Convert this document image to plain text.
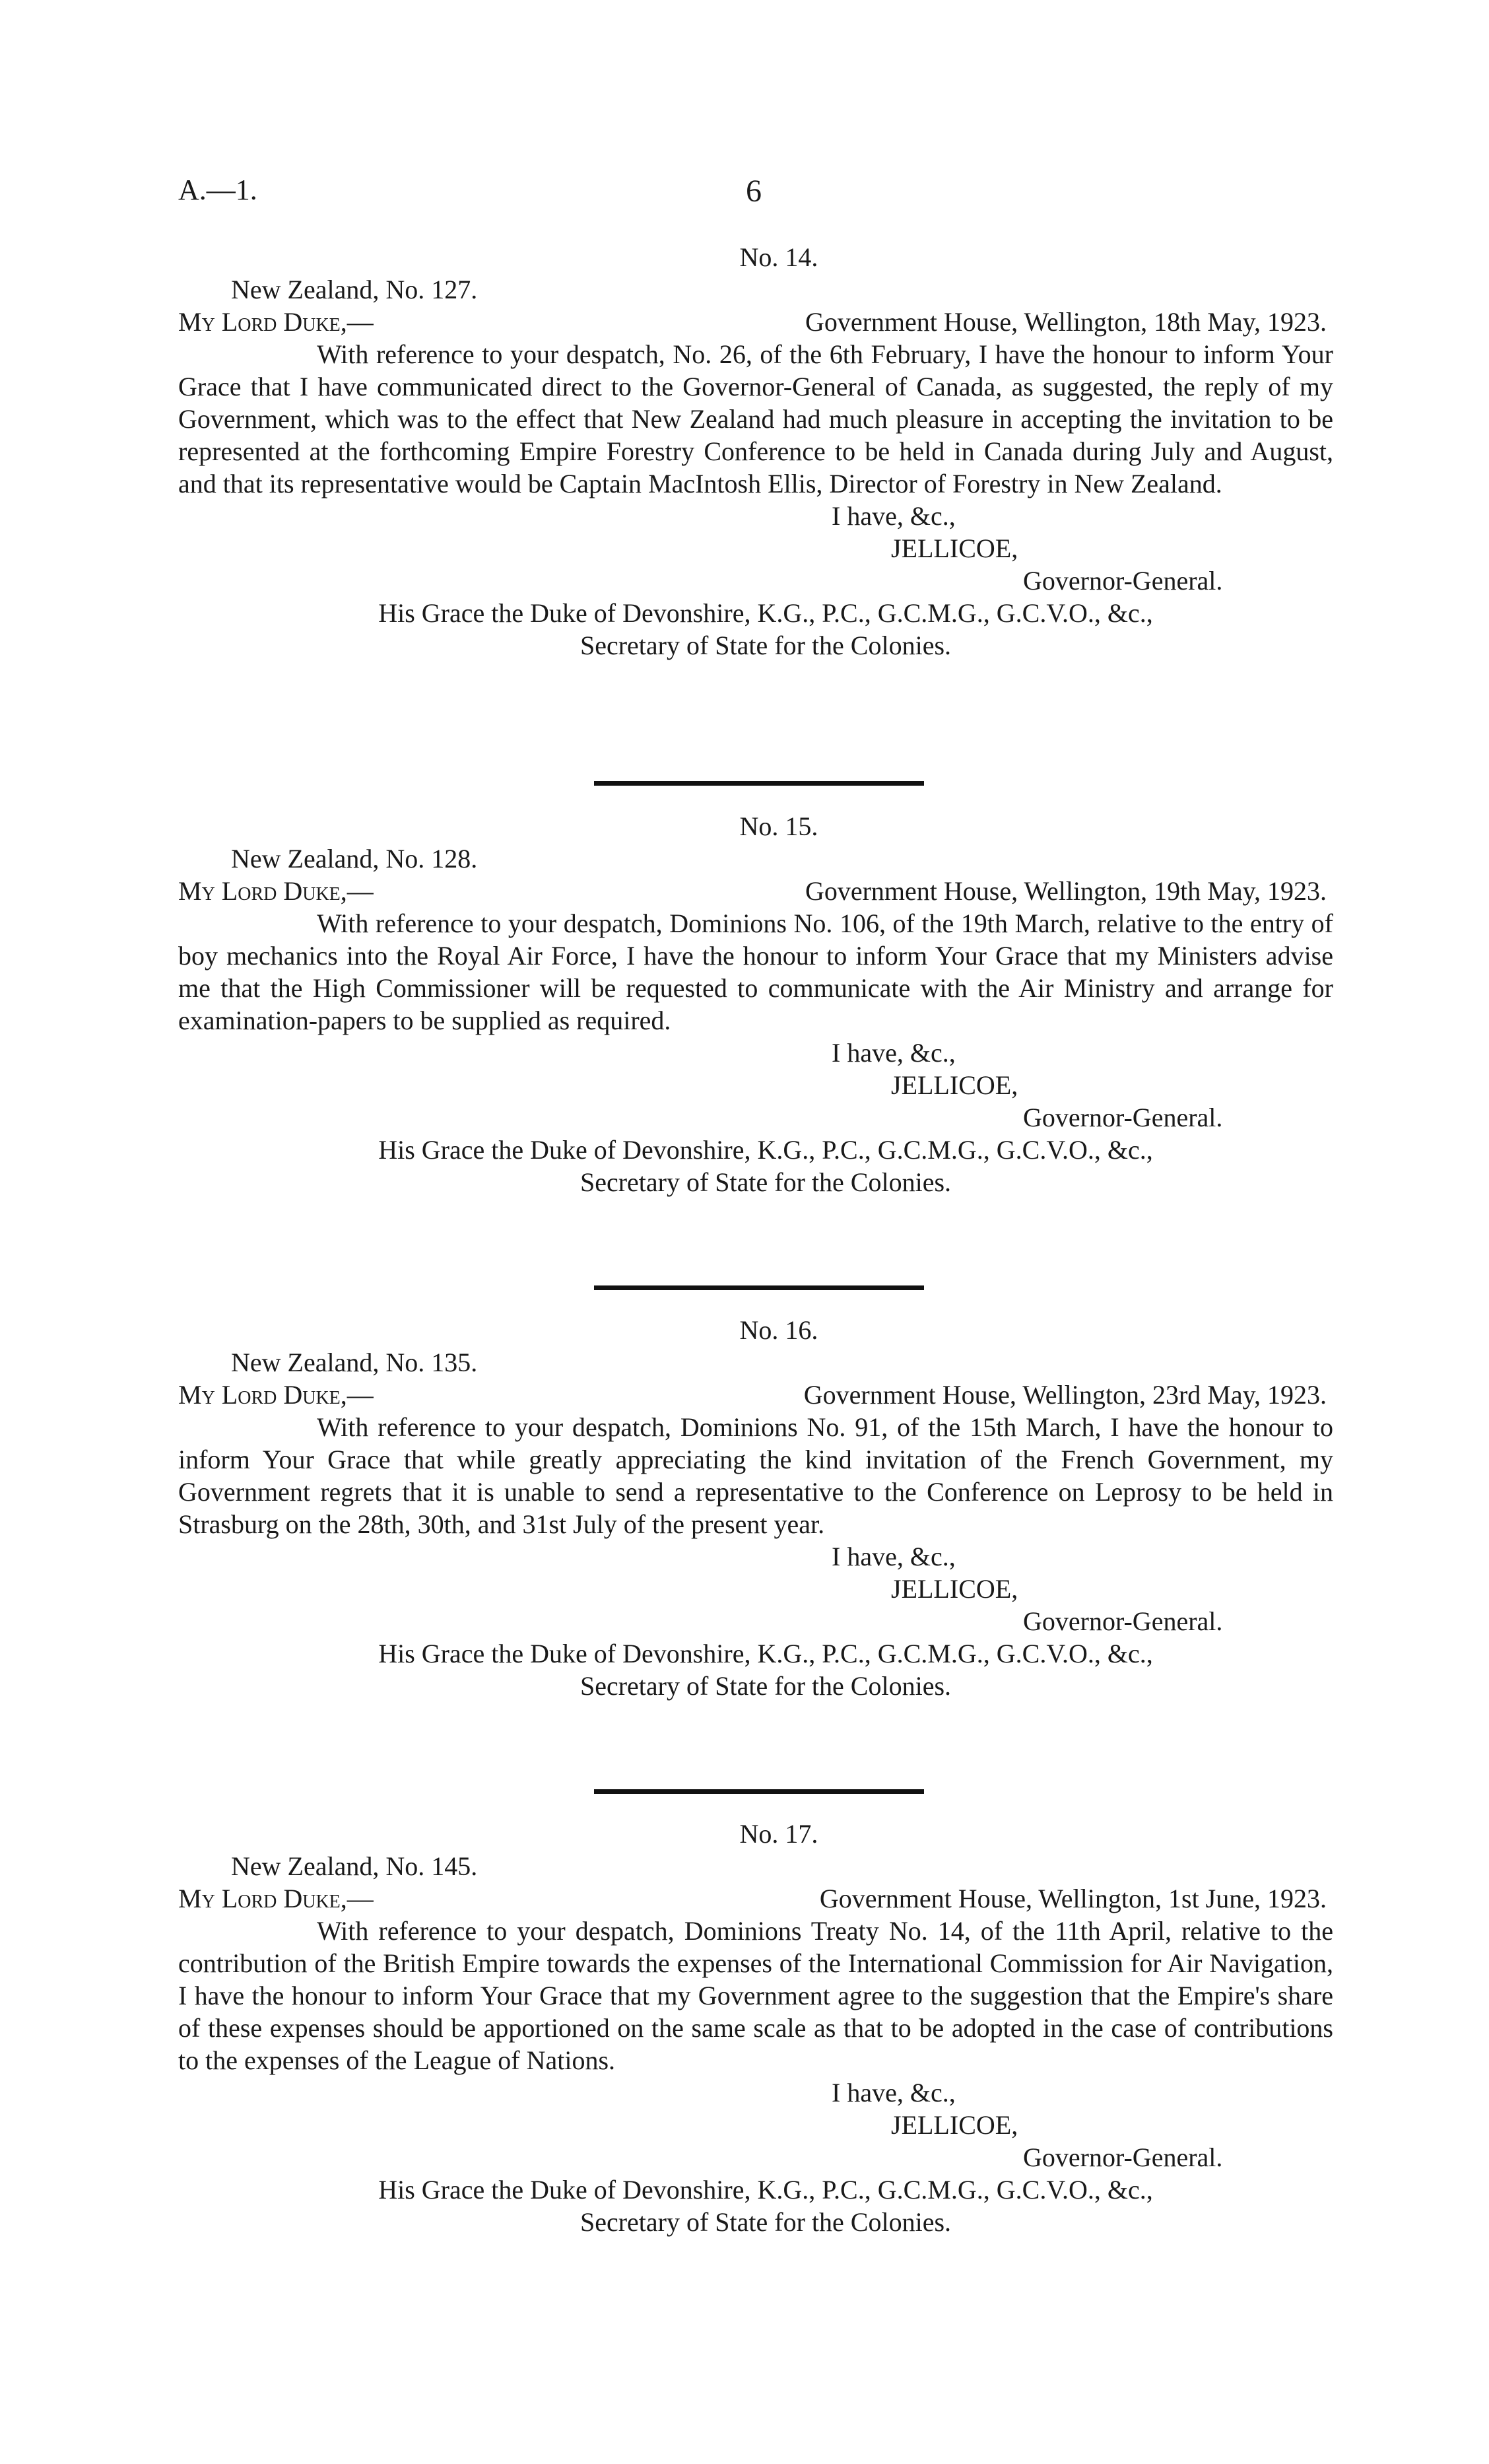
A.—1.	6
No. 14.
New Zealand, No. 127.
My Lord Duke,—	Government House, Wellington, 18th May, 1923.

With reference to your despatch, No. 26, of the 6th February, I have the honour to inform Your Grace that I have communicated direct to the Governor-General of Canada, as suggested, the reply of my Government, which was to the effect that New Zealand had much pleasure in accepting the invitation to be represented at the forthcoming Empire Forestry Conference to be held in Canada during July and August, and that its representative would be Captain MacIntosh Ellis, Director of Forestry in New Zealand.

I have, &c.,
JELLICOE,
Governor-General.
His Grace the Duke of Devonshire, K.G., P.C., G.C.M.G., G.C.V.O., &c.,
Secretary of State for the Colonies.
No. 15.
New Zealand, No. 128.
My Lord Duke,—	Government House, Wellington, 19th May, 1923.

With reference to your despatch, Dominions No. 106, of the 19th March, relative to the entry of boy mechanics into the Royal Air Force, I have the honour to inform Your Grace that my Ministers advise me that the High Commissioner will be requested to communicate with the Air Ministry and arrange for examination-papers to be supplied as required.

I have, &c.,
JELLICOE,
Governor-General.
His Grace the Duke of Devonshire, K.G., P.C., G.C.M.G., G.C.V.O., &c.,
Secretary of State for the Colonies.
No. 16.
New Zealand, No. 135.
My Lord Duke,—	Government House, Wellington, 23rd May, 1923.

With reference to your despatch, Dominions No. 91, of the 15th March, I have the honour to inform Your Grace that while greatly appreciating the kind invitation of the French Government, my Government regrets that it is unable to send a representative to the Conference on Leprosy to be held in Strasburg on the 28th, 30th, and 31st July of the present year.

I have, &c.,
JELLICOE,
Governor-General.
His Grace the Duke of Devonshire, K.G., P.C., G.C.M.G., G.C.V.O., &c.,
Secretary of State for the Colonies.
No. 17.
New Zealand, No. 145.
My Lord Duke,—	Government House, Wellington, 1st June, 1923.

With reference to your despatch, Dominions Treaty No. 14, of the 11th April, relative to the contribution of the British Empire towards the expenses of the International Commission for Air Navigation, I have the honour to inform Your Grace that my Government agree to the suggestion that the Empire's share of these expenses should be apportioned on the same scale as that to be adopted in the case of contributions to the expenses of the League of Nations.

I have, &c.,
JELLICOE,
Governor-General.
His Grace the Duke of Devonshire, K.G., P.C., G.C.M.G., G.C.V.O., &c.,
Secretary of State for the Colonies.
